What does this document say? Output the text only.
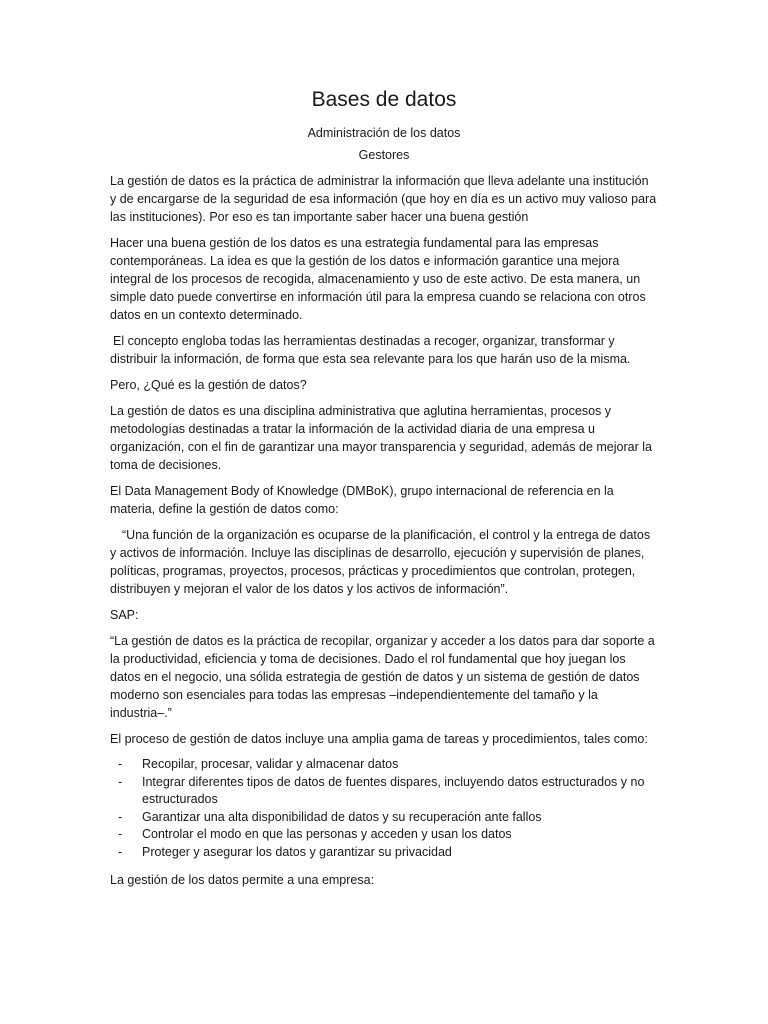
Bases de datos
Administración de los datos
Gestores

La gestión de datos es la práctica de administrar la información que lleva adelante una institución y de encargarse de la seguridad de esa información (que hoy en día es un activo muy valioso para las instituciones). Por eso es tan importante saber hacer una buena gestión

Hacer una buena gestión de los datos es una estrategia fundamental para las empresas contemporáneas. La idea es que la gestión de los datos e información garantice una mejora integral de los procesos de recogida, almacenamiento y uso de este activo. De esta manera, un simple dato puede convertirse en información útil para la empresa cuando se relaciona con otros datos en un contexto determinado.

El concepto engloba todas las herramientas destinadas a recoger, organizar, transformar y distribuir la información, de forma que esta sea relevante para los que harán uso de la misma.

Pero, ¿Qué es la gestión de datos?

La gestión de datos es una disciplina administrativa que aglutina herramientas, procesos y metodologías destinadas a tratar la información de la actividad diaria de una empresa u organización, con el fin de garantizar una mayor transparencia y seguridad, además de mejorar la toma de decisiones.

El Data Management Body of Knowledge (DMBoK), grupo internacional de referencia en la materia, define la gestión de datos como:

“Una función de la organización es ocuparse de la planificación, el control y la entrega de datos y activos de información. Incluye las disciplinas de desarrollo, ejecución y supervisión de planes, políticas, programas, proyectos, procesos, prácticas y procedimientos que controlan, protegen, distribuyen y mejoran el valor de los datos y los activos de información”.

SAP:

“La gestión de datos es la práctica de recopilar, organizar y acceder a los datos para dar soporte a la productividad, eficiencia y toma de decisiones. Dado el rol fundamental que hoy juegan los datos en el negocio, una sólida estrategia de gestión de datos y un sistema de gestión de datos moderno son esenciales para todas las empresas –independientemente del tamaño y la industria–.”

El proceso de gestión de datos incluye una amplia gama de tareas y procedimientos, tales como:

- Recopilar, procesar, validar y almacenar datos
- Integrar diferentes tipos de datos de fuentes dispares, incluyendo datos estructurados y no estructurados
- Garantizar una alta disponibilidad de datos y su recuperación ante fallos
- Controlar el modo en que las personas y acceden y usan los datos
- Proteger y asegurar los datos y garantizar su privacidad

La gestión de los datos permite a una empresa:
